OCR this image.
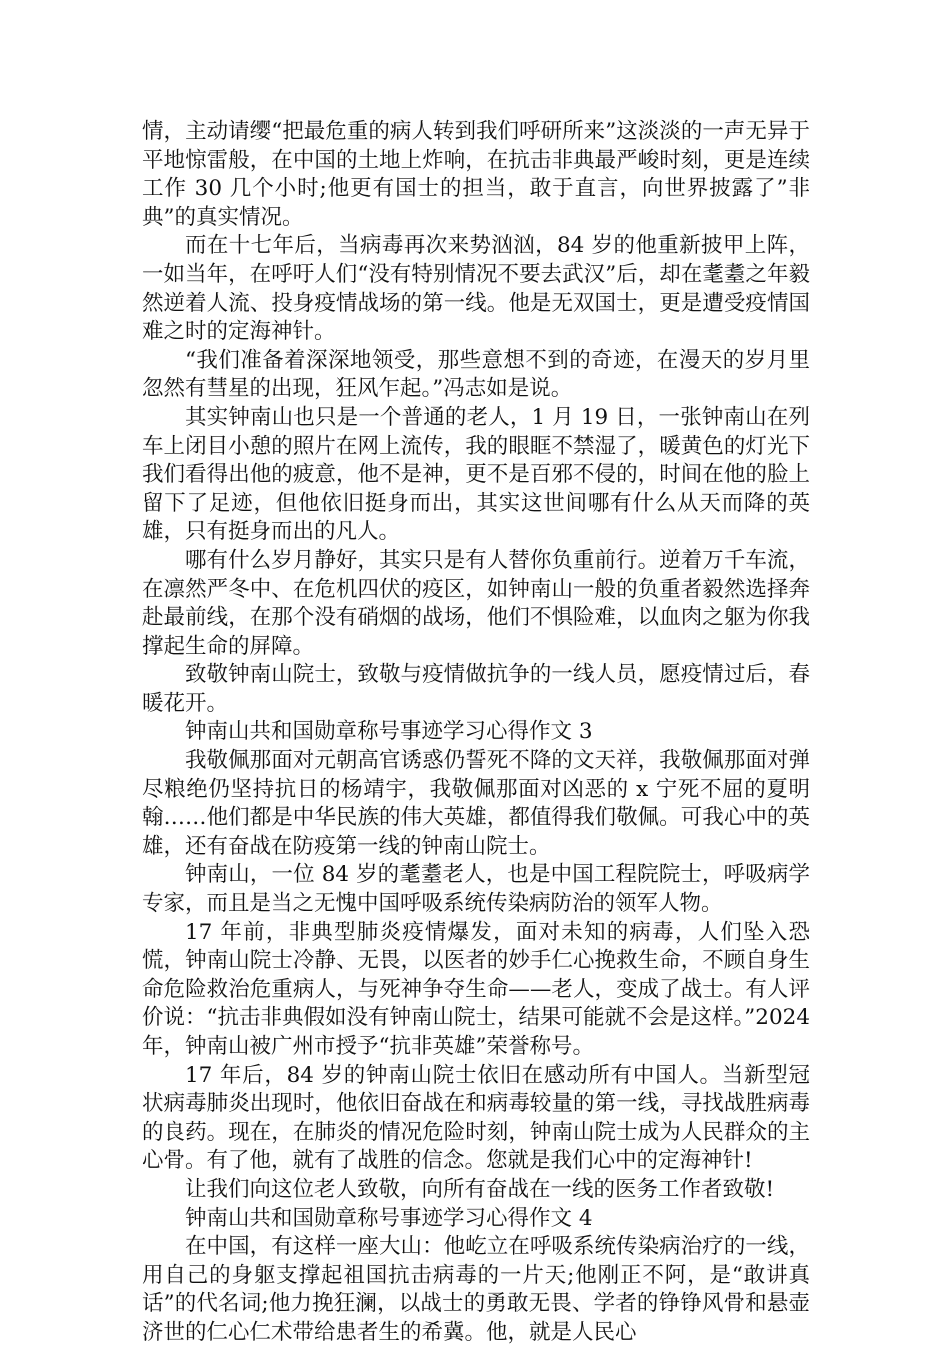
情，主动请缨“把最危重的病人转到我们呼研所来”这淡淡的一声无异于平地惊雷般，在中国的土地上炸响，在抗击非典最严峻时刻，更是连续工作 30 几个小时;他更有国士的担当，敢于直言，向世界披露了”非典”的真实情况。

而在十七年后，当病毒再次来势汹汹，84 岁的他重新披甲上阵，一如当年，在呼吁人们“没有特别情况不要去武汉”后，却在耄耋之年毅然逆着人流、投身疫情战场的第一线。他是无双国士，更是遭受疫情国难之时的定海神针。

“我们准备着深深地领受，那些意想不到的奇迹，在漫天的岁月里忽然有彗星的出现，狂风乍起。”冯志如是说。

其实钟南山也只是一个普通的老人，1 月 19 日，一张钟南山在列车上闭目小憩的照片在网上流传，我的眼眶不禁湿了，暖黄色的灯光下我们看得出他的疲意，他不是神，更不是百邪不侵的，时间在他的脸上留下了足迹，但他依旧挺身而出，其实这世间哪有什么从天而降的英雄，只有挺身而出的凡人。

哪有什么岁月静好，其实只是有人替你负重前行。逆着万千车流，在凛然严冬中、在危机四伏的疫区，如钟南山一般的负重者毅然选择奔赴最前线，在那个没有硝烟的战场，他们不惧险难，以血肉之躯为你我撑起生命的屏障。

致敬钟南山院士，致敬与疫情做抗争的一线人员，愿疫情过后，春暖花开。

钟南山共和国勋章称号事迹学习心得作文 3

我敬佩那面对元朝高官诱惑仍誓死不降的文天祥，我敬佩那面对弹尽粮绝仍坚持抗日的杨靖宇，我敬佩那面对凶恶的 x 宁死不屈的夏明翰……他们都是中华民族的伟大英雄，都值得我们敬佩。可我心中的英雄，还有奋战在防疫第一线的钟南山院士。

钟南山，一位 84 岁的耄耋老人，也是中国工程院院士，呼吸病学专家，而且是当之无愧中国呼吸系统传染病防治的领军人物。

17 年前，非典型肺炎疫情爆发，面对未知的病毒，人们坠入恐慌，钟南山院士冷静、无畏，以医者的妙手仁心挽救生命，不顾自身生命危险救治危重病人，与死神争夺生命——老人，变成了战士。有人评价说：“抗击非典假如没有钟南山院士，结果可能就不会是这样。”2024 年，钟南山被广州市授予“抗非英雄”荣誉称号。

17 年后，84 岁的钟南山院士依旧在感动所有中国人。当新型冠状病毒肺炎出现时，他依旧奋战在和病毒较量的第一线，寻找战胜病毒的良药。现在，在肺炎的情况危险时刻，钟南山院士成为人民群众的主心骨。有了他，就有了战胜的信念。您就是我们心中的定海神针!

让我们向这位老人致敬，向所有奋战在一线的医务工作者致敬!

钟南山共和国勋章称号事迹学习心得作文 4

在中国，有这样一座大山：他屹立在呼吸系统传染病治疗的一线，用自己的身躯支撑起祖国抗击病毒的一片天;他刚正不阿，是“敢讲真话”的代名词;他力挽狂澜，以战士的勇敢无畏、学者的铮铮风骨和悬壶济世的仁心仁术带给患者生的希冀。他，就是人民心
